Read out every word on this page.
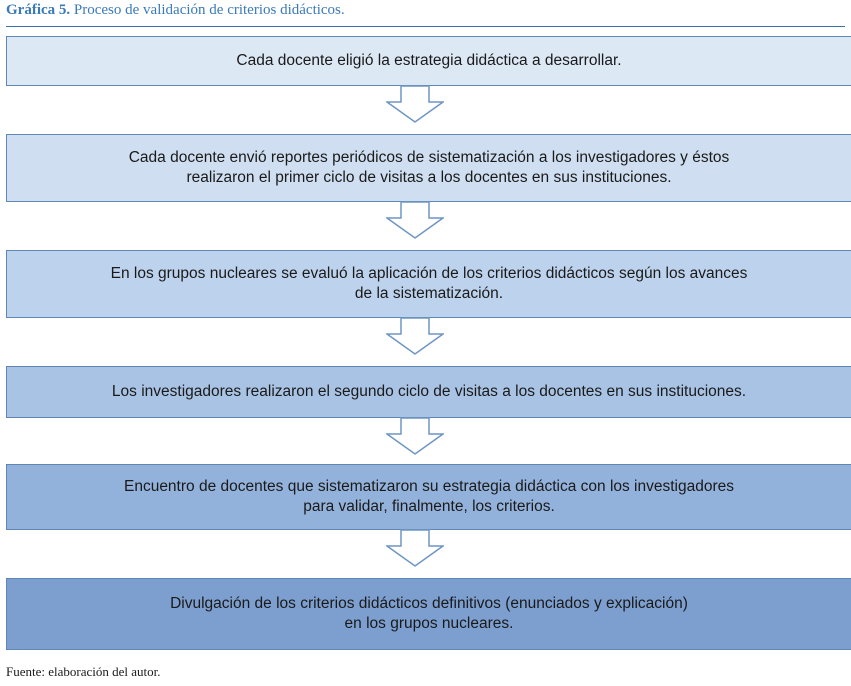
Gráfica 5. Proceso de validación de criterios didácticos.
Cada docente eligió la estrategia didáctica a desarrollar.
Cada docente envió reportes periódicos de sistematización a los investigadores y éstos
realizaron el primer ciclo de visitas a los docentes en sus instituciones.
En los grupos nucleares se evaluó la aplicación de los criterios didácticos según los avances
de la sistematización.
Los investigadores realizaron el segundo ciclo de visitas a los docentes en sus instituciones.
Encuentro de docentes que sistematizaron su estrategia didáctica con los investigadores
para validar, finalmente, los criterios.
Divulgación de los criterios didácticos definitivos (enunciados y explicación)
en los grupos nucleares.
Fuente: elaboración del autor.
